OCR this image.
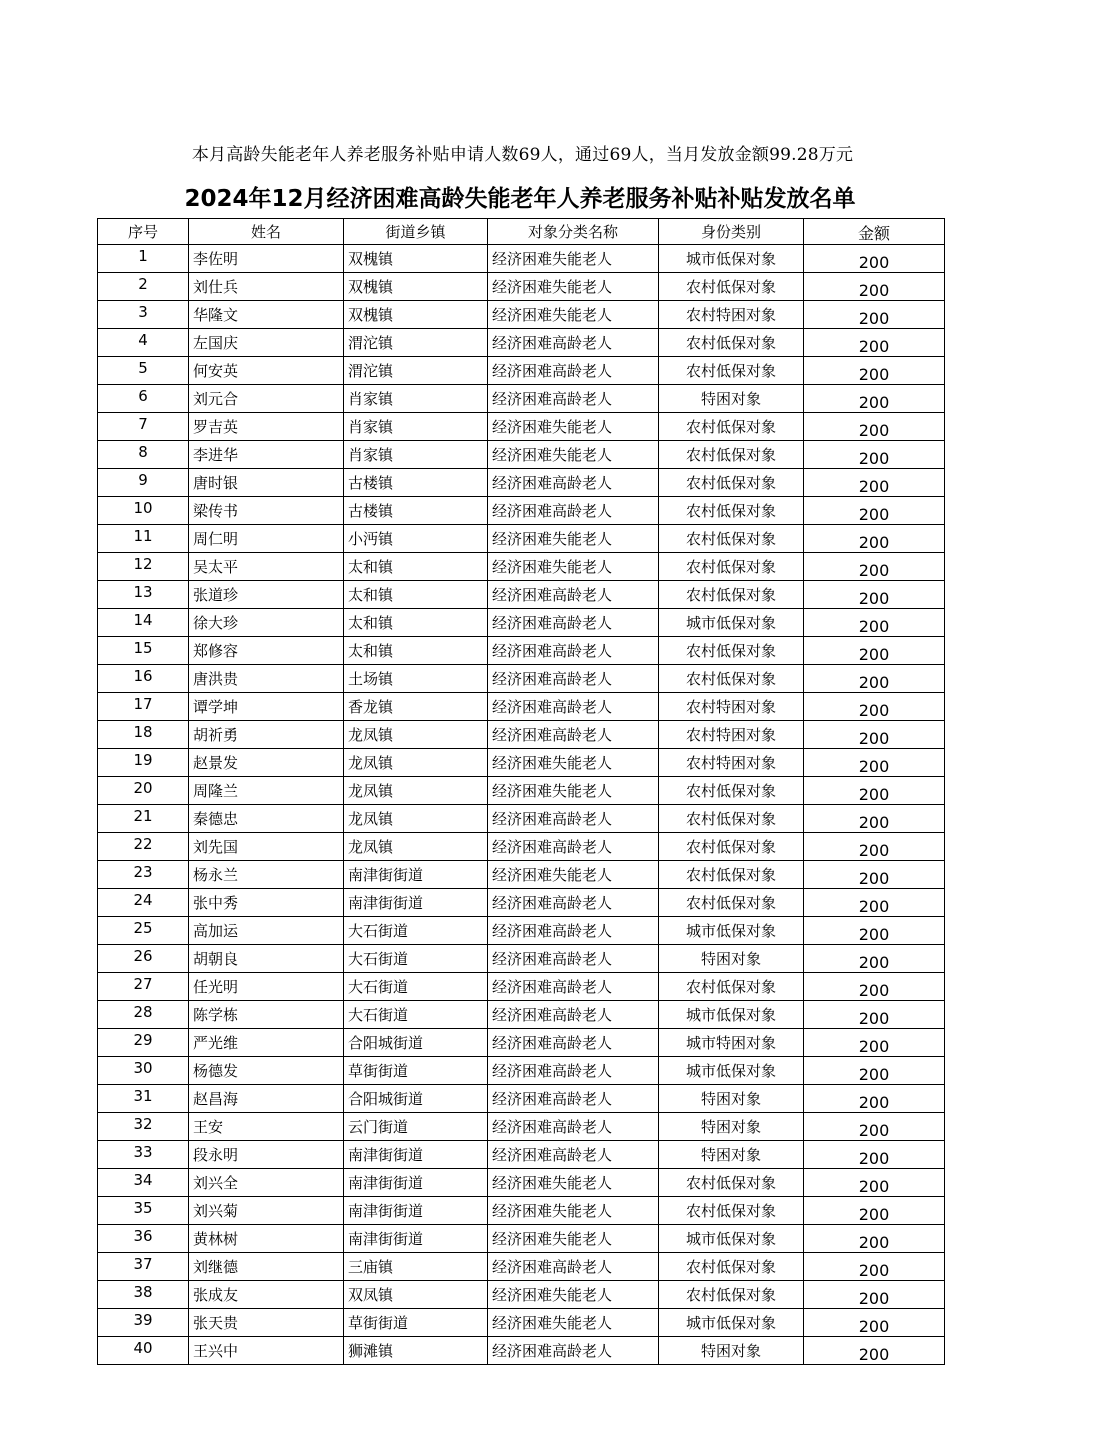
本月高龄失能老年人养老服务补贴申请人数69人，通过69人，当月发放金额99.28万元
2024年12月经济困难高龄失能老年人养老服务补贴补贴发放名单
序号	姓名	街道乡镇	对象分类名称	身份类别	金额
1	李佐明	双槐镇	经济困难失能老人	城市低保对象	200
2	刘仕兵	双槐镇	经济困难失能老人	农村低保对象	200
3	华隆文	双槐镇	经济困难失能老人	农村特困对象	200
4	左国庆	渭沱镇	经济困难高龄老人	农村低保对象	200
5	何安英	渭沱镇	经济困难高龄老人	农村低保对象	200
6	刘元合	肖家镇	经济困难高龄老人	特困对象	200
7	罗吉英	肖家镇	经济困难失能老人	农村低保对象	200
8	李进华	肖家镇	经济困难失能老人	农村低保对象	200
9	唐时银	古楼镇	经济困难高龄老人	农村低保对象	200
10	梁传书	古楼镇	经济困难高龄老人	农村低保对象	200
11	周仁明	小沔镇	经济困难失能老人	农村低保对象	200
12	吴太平	太和镇	经济困难失能老人	农村低保对象	200
13	张道珍	太和镇	经济困难高龄老人	农村低保对象	200
14	徐大珍	太和镇	经济困难高龄老人	城市低保对象	200
15	郑修容	太和镇	经济困难高龄老人	农村低保对象	200
16	唐洪贵	土场镇	经济困难高龄老人	农村低保对象	200
17	谭学坤	香龙镇	经济困难高龄老人	农村特困对象	200
18	胡祈勇	龙凤镇	经济困难高龄老人	农村特困对象	200
19	赵景发	龙凤镇	经济困难失能老人	农村特困对象	200
20	周隆兰	龙凤镇	经济困难失能老人	农村低保对象	200
21	秦德忠	龙凤镇	经济困难高龄老人	农村低保对象	200
22	刘先国	龙凤镇	经济困难高龄老人	农村低保对象	200
23	杨永兰	南津街街道	经济困难失能老人	农村低保对象	200
24	张中秀	南津街街道	经济困难高龄老人	农村低保对象	200
25	高加运	大石街道	经济困难高龄老人	城市低保对象	200
26	胡朝良	大石街道	经济困难高龄老人	特困对象	200
27	任光明	大石街道	经济困难高龄老人	农村低保对象	200
28	陈学栋	大石街道	经济困难高龄老人	城市低保对象	200
29	严光维	合阳城街道	经济困难高龄老人	城市特困对象	200
30	杨德发	草街街道	经济困难高龄老人	城市低保对象	200
31	赵昌海	合阳城街道	经济困难高龄老人	特困对象	200
32	王安	云门街道	经济困难高龄老人	特困对象	200
33	段永明	南津街街道	经济困难高龄老人	特困对象	200
34	刘兴全	南津街街道	经济困难失能老人	农村低保对象	200
35	刘兴菊	南津街街道	经济困难失能老人	农村低保对象	200
36	黄林树	南津街街道	经济困难失能老人	城市低保对象	200
37	刘继德	三庙镇	经济困难高龄老人	农村低保对象	200
38	张成友	双凤镇	经济困难失能老人	农村低保对象	200
39	张天贵	草街街道	经济困难失能老人	城市低保对象	200
40	王兴中	狮滩镇	经济困难高龄老人	特困对象	200
